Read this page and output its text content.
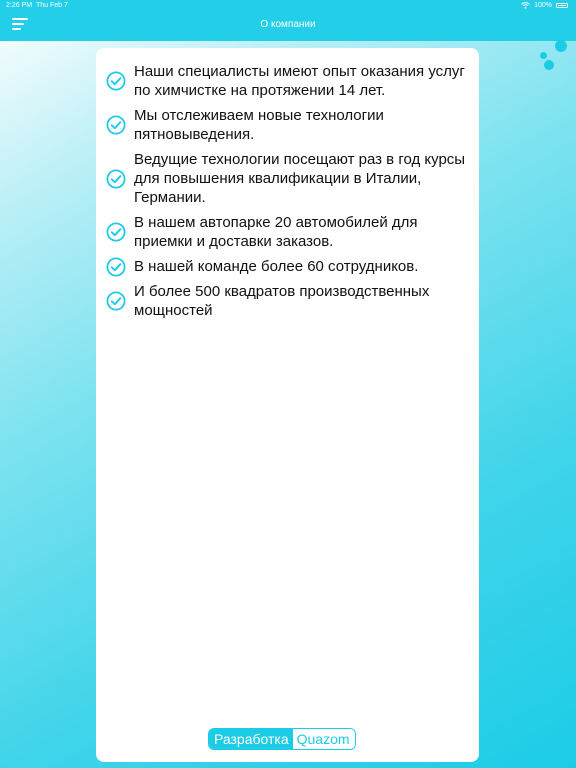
2:26 PM Thu Feb 7	100%
О компании
Наши специалисты имеют опыт оказания услуг по химчистке на протяжении 14 лет.
Мы отслеживаем новые технологии пятновыведения.
Ведущие технологии посещают раз в год курсы для повышения квалификации в Италии, Германии.
В нашем автопарке 20 автомобилей для приемки и доставки заказов.
В нашей команде более 60 сотрудников.
И более 500 квадратов производственных мощностей
Разработка Quazom
